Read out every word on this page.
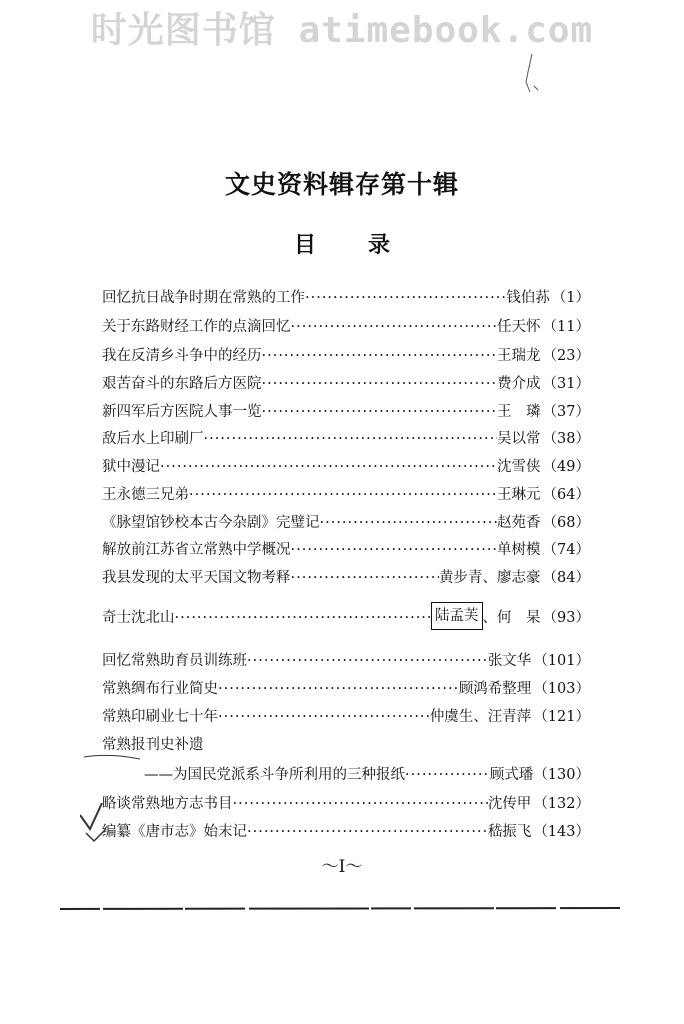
时光图书馆 atimebook.com
文史资料辑存第十辑
目 录
回忆抗日战争时期在常熟的工作 ·····	钱伯荪 （1）
关于东路财经工作的点滴回忆 ·····	任天怀 （11）
我在反清乡斗争中的经历 ·····	王瑞龙 （23）
艰苦奋斗的东路后方医院 ·····	费介成 （31）
新四军后方医院人事一览 ·····	王　璘 （37）
敌后水上印刷厂 ·····	吴以常 （38）
狱中漫记 ·····	沈雪侠 （49）
王永德三兄弟 ·····	王琳元 （64）
《脉望馆钞校本古今杂剧》完璧记 ·····	赵苑香 （68）
解放前江苏省立常熟中学概况 ·····	单树模 （74）
我县发现的太平天国文物考释 ·····	黄步青、廖志豪 （84）
奇士沈北山 ·····	陆孟芙 、何　杲 （93）
回忆常熟助育员训练班 ·····	张文华 （101）
常熟绸布行业简史 ·····	顾鸿希整理 （103）
常熟印刷业七十年 ·····	仲虞生、汪青萍 （121）
常熟报刊史补遗
—— 为国民党派系斗争所利用的三种报纸 ·····	顾式璠 （130）
略谈常熟地方志书目 ·····	沈传甲 （132）
编纂《唐市志》始末记 ·····	嵇振飞 （143）
～Ⅰ～
